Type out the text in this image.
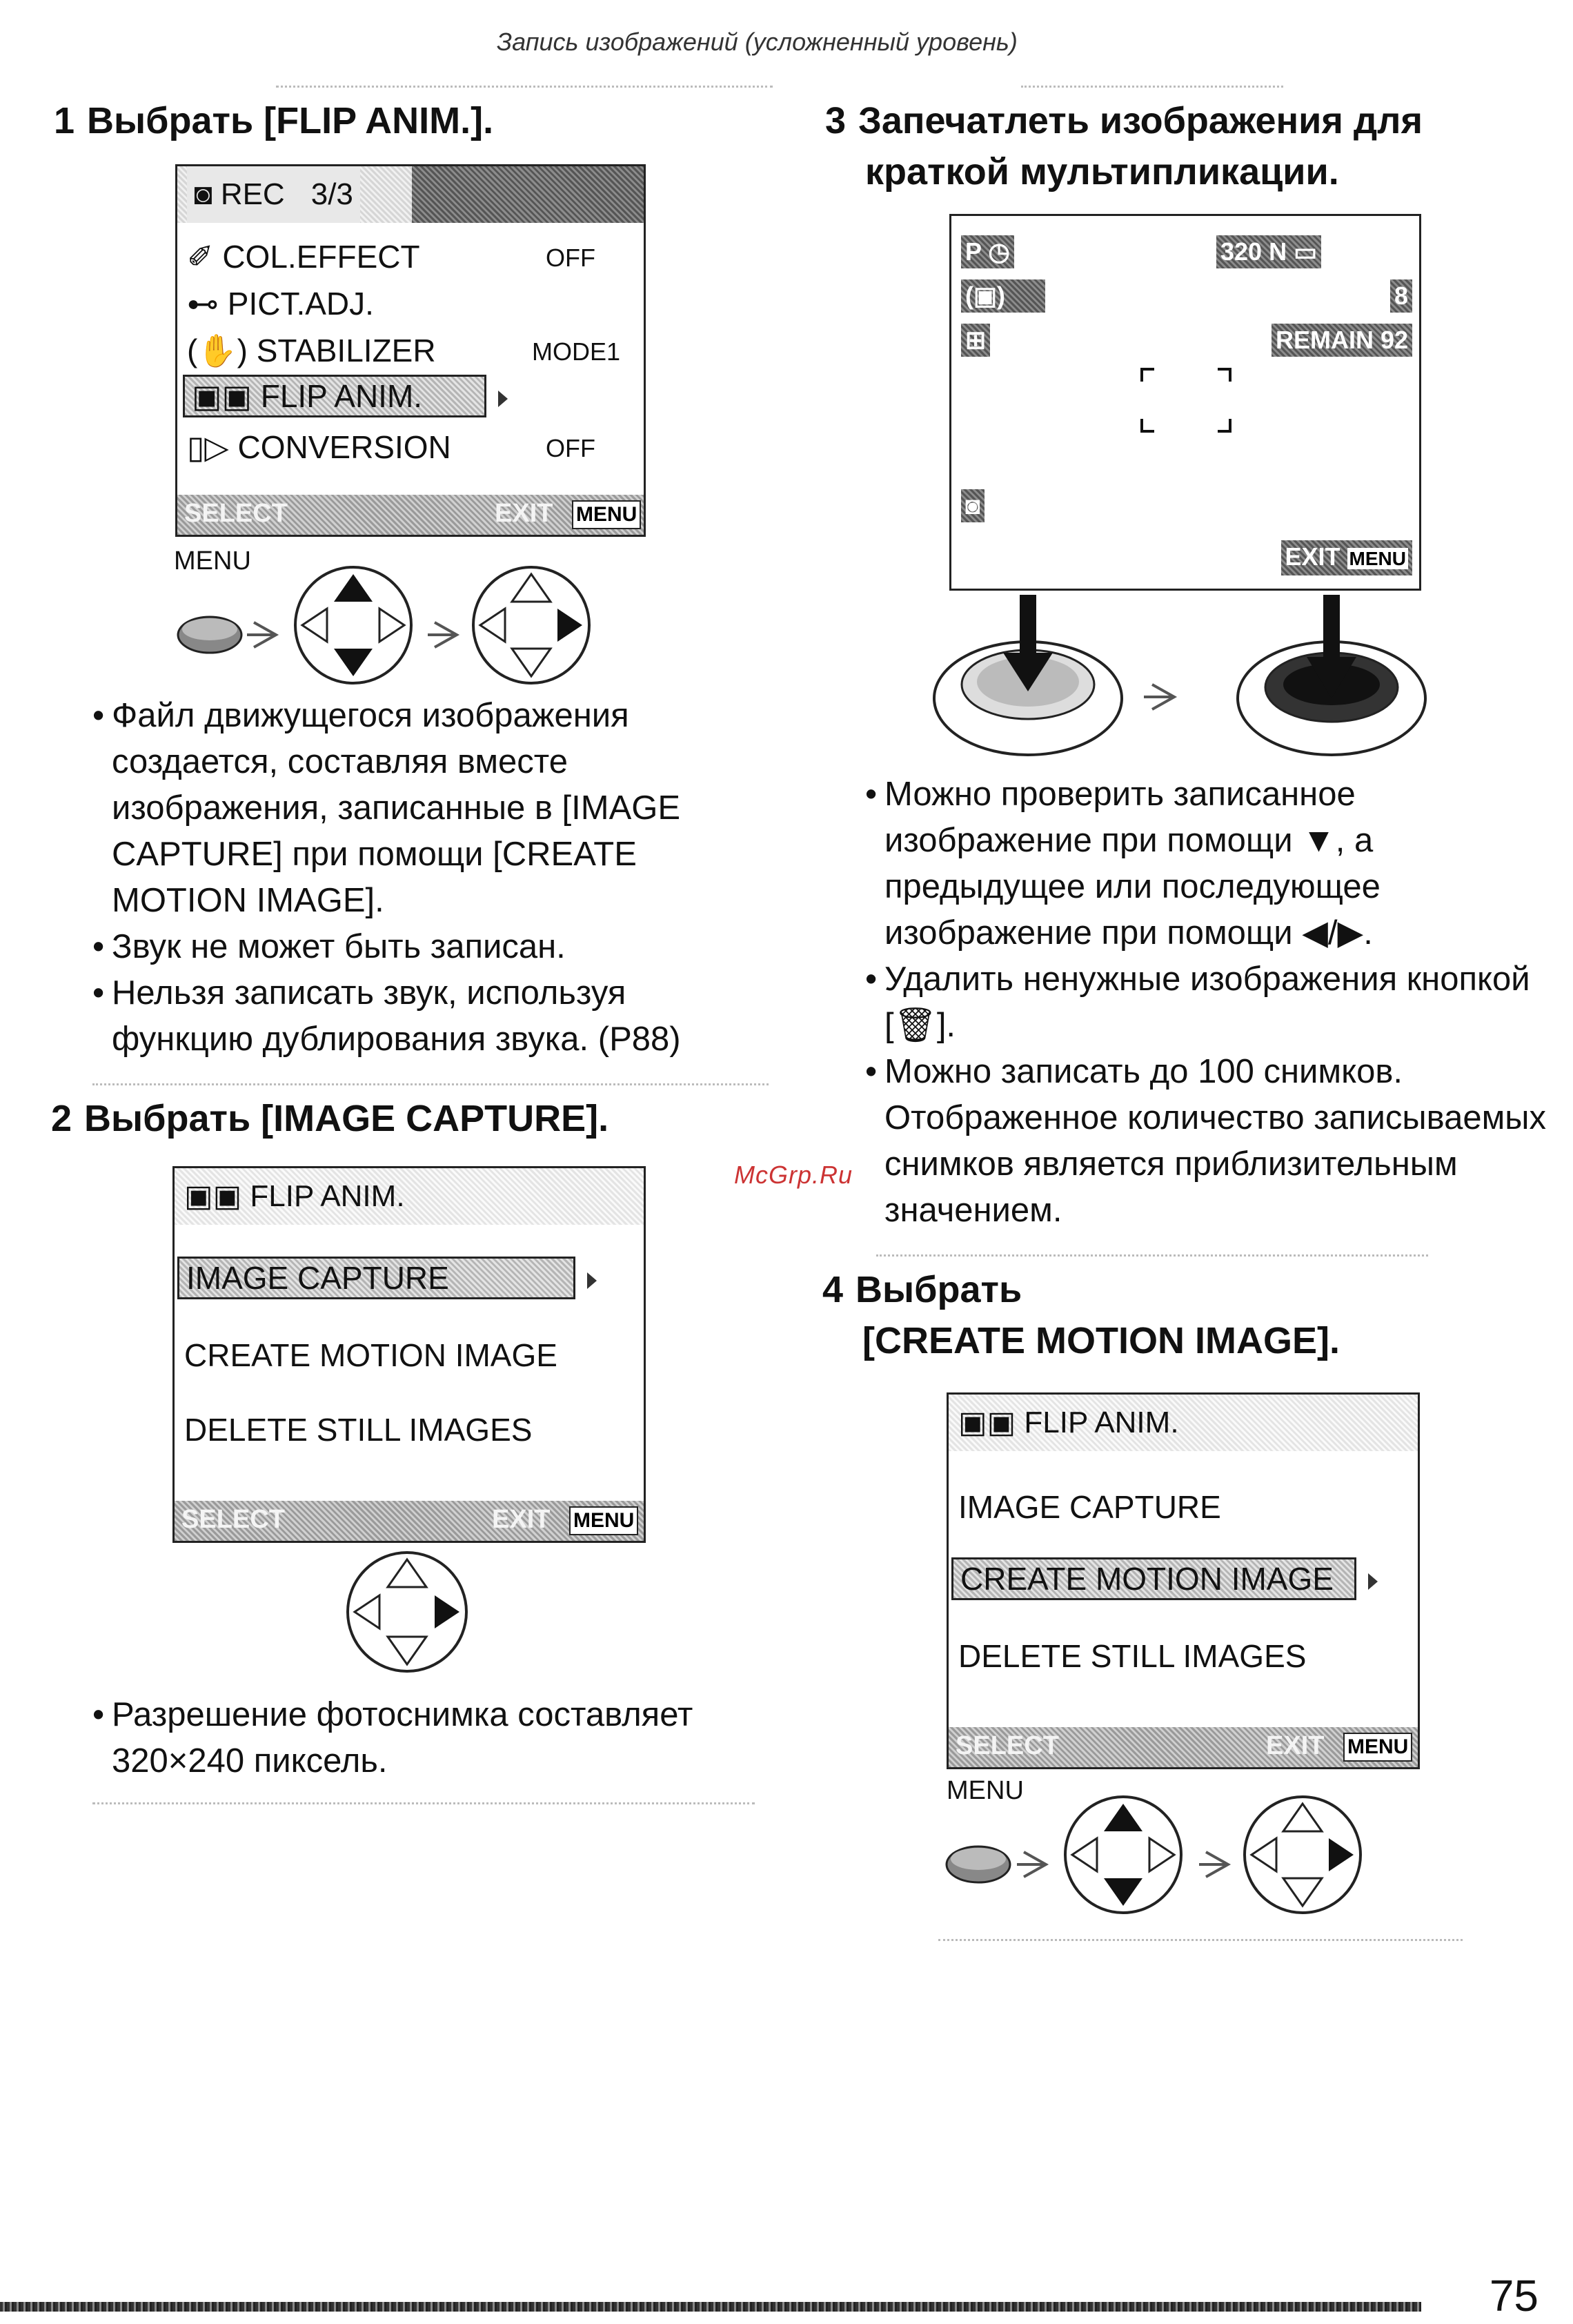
Запись изображений (усложненный уровень)
1 Выбрать [FLIP ANIM.].
◙ REC 3/3
✐ COL.EFFECT	OFF
⊷ PICT.ADJ.
(✋) STABILIZER	MODE1
▣▣ FLIP ANIM.
▯▷ CONVERSION	OFF
SELECT	EXIT MENU
MENU

• Файл движущегося изображения создается, составляя вместе изображения, записанные в [IMAGE CAPTURE] при помощи [CREATE MOTION IMAGE].

• Звук не может быть записан.

• Нельзя записать звук, используя функцию дублирования звука. (P88)

2 Выбрать [IMAGE CAPTURE].
▣▣ FLIP ANIM.
IMAGE CAPTURE
CREATE MOTION IMAGE
DELETE STILL IMAGES
SELECT	EXIT MENU

• Разрешение фотоснимка составляет 320×240 пиксель.

3 Запечатлеть изображения для
краткой мультипликации.
P ◷
(▣)
⊞
320 N ▭
8
REMAIN 92
◙
EXIT MENU

• Можно проверить записанное изображение при помощи ▼, а предыдущее или последующее изображение при помощи ◀/▶.

• Удалить ненужные изображения кнопкой [🗑].

• Можно записать до 100 снимков. Отображенное количество записываемых снимков является приблизительным значением.

McGrp.Ru
4 Выбрать
[CREATE MOTION IMAGE].
▣▣ FLIP ANIM.
IMAGE CAPTURE
CREATE MOTION IMAGE
DELETE STILL IMAGES
SELECT	EXIT MENU
MENU
75
